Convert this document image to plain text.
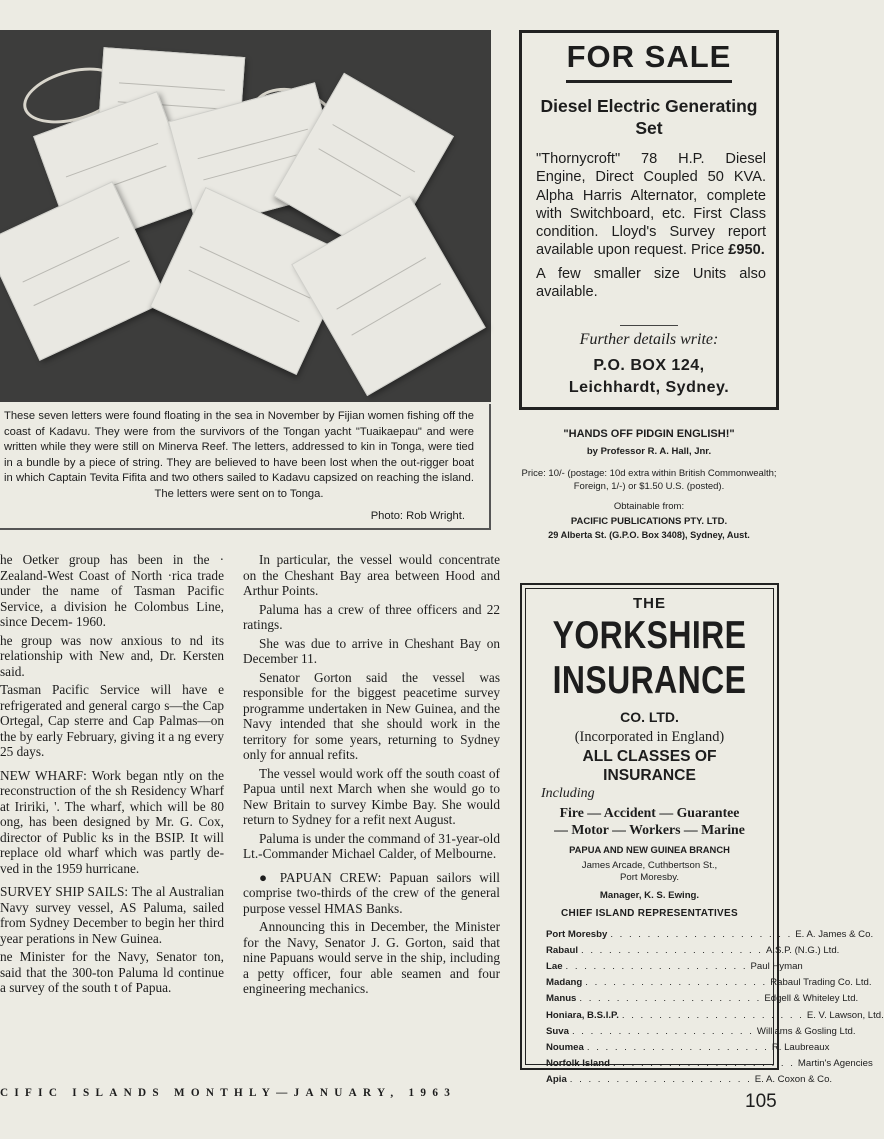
These seven letters were found floating in the sea in November by Fijian women fishing off the coast of Kadavu. They were from the survivors of the Tongan yacht "Tuaikaepau" and were written while they were still on Minerva Reef. The letters, addressed to kin in Tonga, were tied in a bundle by a piece of string. They are believed to have been lost when the out-rigger boat in which Captain Tevita Fifita and two others sailed to Kadavu capsized on reaching the island. The letters were sent on to Tonga.
Photo: Rob Wright.

he Oetker group has been in the · Zealand-West Coast of North ·rica trade under the name of Tasman Pacific Service, a division he Colombus Line, since Decem- 1960.

he group was now anxious to nd its relationship with New and, Dr. Kersten said.

Tasman Pacific Service will have e refrigerated and general cargo s—the Cap Ortegal, Cap sterre and Cap Palmas—on the by early February, giving it a ng every 25 days.

NEW WHARF: Work began ntly on the reconstruction of the sh Residency Wharf at Iririki, '. The wharf, which will be 80 ong, has been designed by Mr. G. Cox, director of Public ks in the BSIP. It will replace old wharf which was partly de- ved in the 1959 hurricane.

SURVEY SHIP SAILS: The al Australian Navy survey vessel, AS Paluma, sailed from Sydney December to begin her third year perations in New Guinea.

ne Minister for the Navy, Senator ton, said that the 300-ton Paluma ld continue a survey of the south t of Papua.

In particular, the vessel would concentrate on the Cheshant Bay area between Hood and Arthur Points.

Paluma has a crew of three officers and 22 ratings.

She was due to arrive in Cheshant Bay on December 11.

Senator Gorton said the vessel was responsible for the biggest peacetime survey programme undertaken in New Guinea, and the Navy intended that she should work in the territory for some years, returning to Sydney only for annual refits.

The vessel would work off the south coast of Papua until next March when she would go to New Britain to survey Kimbe Bay. She would return to Sydney for a refit next August.

Paluma is under the command of 31-year-old Lt.-Commander Michael Calder, of Melbourne.

● PAPUAN CREW: Papuan sailors will comprise two-thirds of the crew of the general purpose vessel HMAS Banks.

Announcing this in December, the Minister for the Navy, Senator J. G. Gorton, said that nine Papuans would serve in the ship, including a petty officer, four able seamen and four engineering mechanics.

FOR SALE
Diesel Electric Generating
Set

"Thornycroft" 78 H.P. Diesel Engine, Direct Coupled 50 KVA. Alpha Harris Alternator, complete with Switchboard, etc. First Class condition. Lloyd's Survey report available upon request. Price £950.

A few smaller size Units also available.

Further details write:
P.O. BOX 124,
Leichhardt, Sydney.
"HANDS OFF PIDGIN ENGLISH!"
by Professor R. A. Hall, Jnr.
Price: 10/- (postage: 10d extra within British Commonwealth; Foreign, 1/-) or $1.50 U.S. (posted).
Obtainable from:
PACIFIC PUBLICATIONS PTY. LTD.
29 Alberta St. (G.P.O. Box 3408), Sydney, Aust.
THE
YORKSHIRE
INSURANCE
CO. LTD.
(Incorporated in England)
ALL CLASSES OF
INSURANCE
Including
Fire — Accident — Guarantee
— Motor — Workers — Marine
PAPUA AND NEW GUINEA BRANCH
James Arcade, Cuthbertson St.,
Port Moresby.
Manager, K. S. Ewing.
CHIEF ISLAND REPRESENTATIVES
Port Moresby . . . . . . . . . . . . . . . . . . . . E. A. James & Co.
Rabaul . . . . . . . . . . . . . . . . . . . . A.S.P. (N.G.) Ltd.
Lae . . . . . . . . . . . . . . . . . . . . Paul Hyman
Madang . . . . . . . . . . . . . . . . . . . . Rabaul Trading Co. Ltd.
Manus . . . . . . . . . . . . . . . . . . . . Edgell & Whiteley Ltd.
Honiara, B.S.I.P. . . . . . . . . . . . . . . . . . . . . E. V. Lawson, Ltd.
Suva . . . . . . . . . . . . . . . . . . . . Williams & Gosling Ltd.
Noumea . . . . . . . . . . . . . . . . . . . . R. Laubreaux
Norfolk Island . . . . . . . . . . . . . . . . . . . . Martin's Agencies
Apia . . . . . . . . . . . . . . . . . . . . E. A. Coxon & Co.
CIFIC ISLANDS MONTHLY—JANUARY, 1963	105
